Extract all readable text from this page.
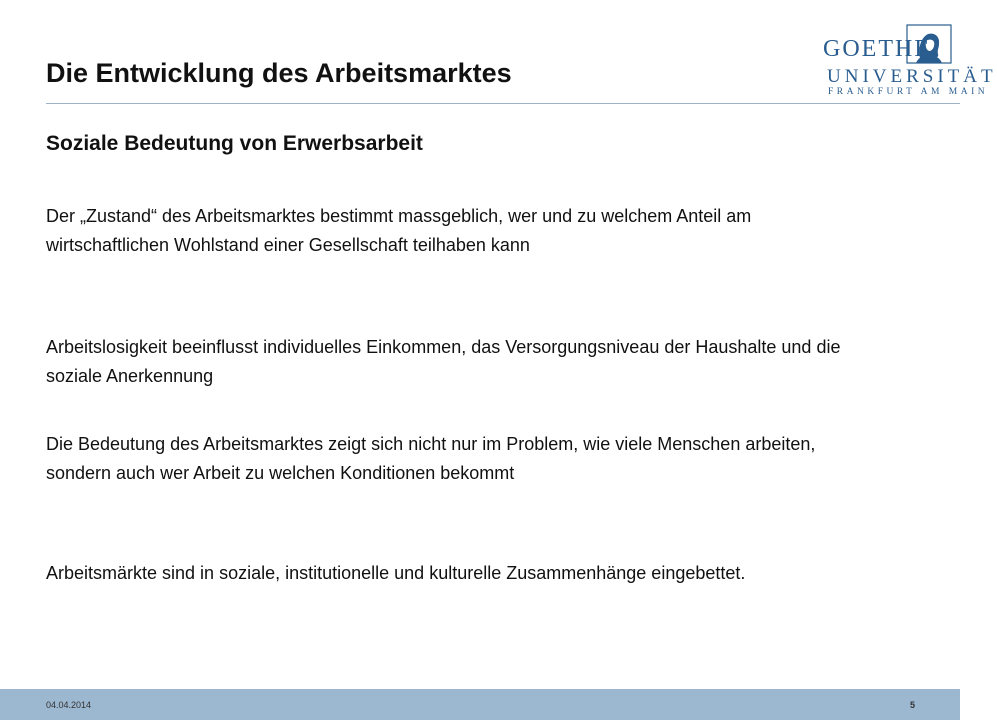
Die Entwicklung des Arbeitsmarktes
GOETHE
UNIVERSITÄT
FRANKFURT AM MAIN
Soziale Bedeutung von Erwerbsarbeit
Der „Zustand“ des Arbeitsmarktes bestimmt massgeblich, wer und zu welchem Anteil am wirtschaftlichen Wohlstand einer Gesellschaft teilhaben kann
Arbeitslosigkeit beeinflusst individuelles Einkommen, das Versorgungsniveau der Haushalte und die soziale Anerkennung
Die Bedeutung des Arbeitsmarktes zeigt sich nicht nur im Problem, wie viele Menschen arbeiten, sondern auch wer Arbeit zu welchen Konditionen bekommt
Arbeitsmärkte sind in soziale, institutionelle und kulturelle Zusammenhänge eingebettet.
04.04.2014	5
